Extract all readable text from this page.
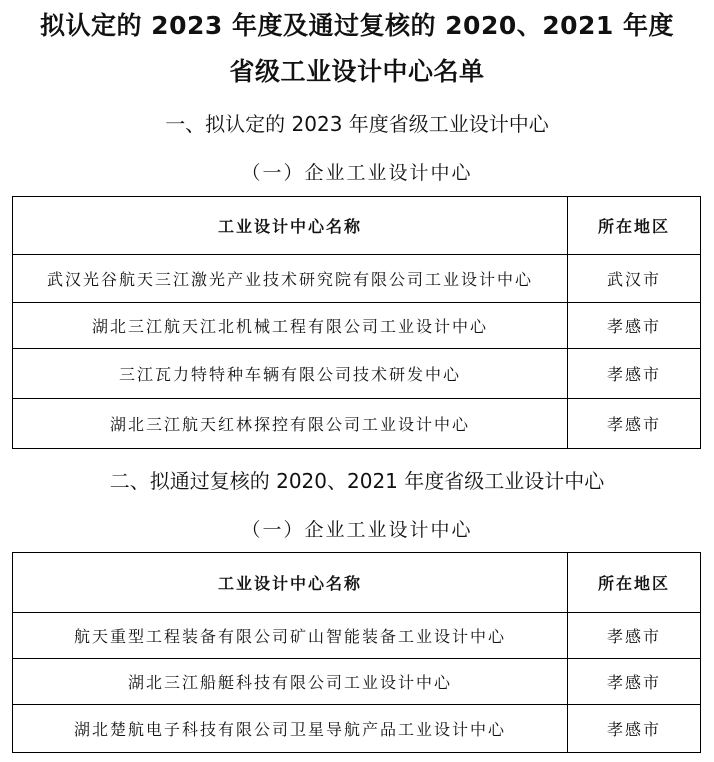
拟认定的 2023 年度及通过复核的 2020、2021 年度
省级工业设计中心名单
一、拟认定的 2023 年度省级工业设计中心
（一）企业工业设计中心
工业设计中心名称	所在地区
武汉光谷航天三江激光产业技术研究院有限公司工业设计中心	武汉市
湖北三江航天江北机械工程有限公司工业设计中心	孝感市
三江瓦力特特种车辆有限公司技术研发中心	孝感市
湖北三江航天红林探控有限公司工业设计中心	孝感市
二、拟通过复核的 2020、2021 年度省级工业设计中心
（一）企业工业设计中心
工业设计中心名称	所在地区
航天重型工程装备有限公司矿山智能装备工业设计中心	孝感市
湖北三江船艇科技有限公司工业设计中心	孝感市
湖北楚航电子科技有限公司卫星导航产品工业设计中心	孝感市
